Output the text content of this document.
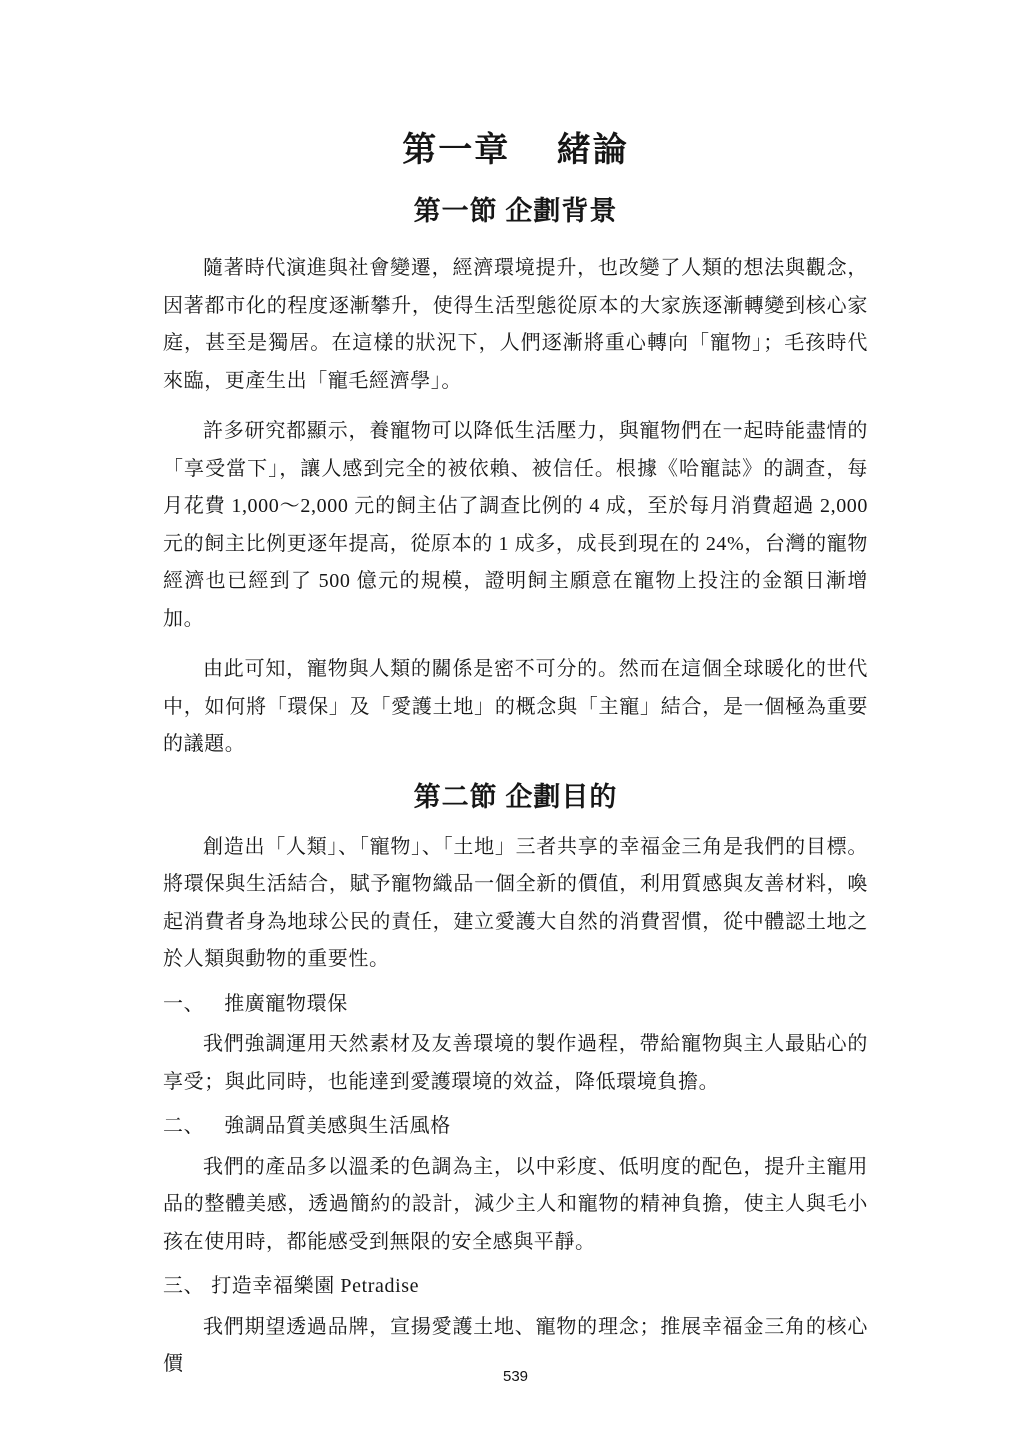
第一章　 緒論
第一節 企劃背景

隨著時代演進與社會變遷，經濟環境提升，也改變了人類的想法與觀念，因著都市化的程度逐漸攀升，使得生活型態從原本的大家族逐漸轉變到核心家庭，甚至是獨居。在這樣的狀況下，人們逐漸將重心轉向「寵物」；毛孩時代來臨，更產生出「寵毛經濟學」。

許多研究都顯示，養寵物可以降低生活壓力，與寵物們在一起時能盡情的「享受當下」，讓人感到完全的被依賴、被信任。根據《哈寵誌》的調查，每月花費 1,000～2,000 元的飼主佔了調查比例的 4 成，至於每月消費超過 2,000 元的飼主比例更逐年提高，從原本的 1 成多，成長到現在的 24%，台灣的寵物經濟也已經到了 500 億元的規模，證明飼主願意在寵物上投注的金額日漸增加。

由此可知，寵物與人類的關係是密不可分的。然而在這個全球暖化的世代中，如何將「環保」及「愛護土地」的概念與「主寵」結合，是一個極為重要的議題。

第二節 企劃目的

創造出「人類」、「寵物」、「土地」三者共享的幸福金三角是我們的目標。將環保與生活結合，賦予寵物織品一個全新的價值，利用質感與友善材料，喚起消費者身為地球公民的責任，建立愛護大自然的消費習慣，從中體認土地之於人類與動物的重要性。

一、 推廣寵物環保

我們強調運用天然素材及友善環境的製作過程，帶給寵物與主人最貼心的享受；與此同時，也能達到愛護環境的效益，降低環境負擔。

二、 強調品質美感與生活風格

我們的產品多以溫柔的色調為主，以中彩度、低明度的配色，提升主寵用品的整體美感，透過簡約的設計，減少主人和寵物的精神負擔，使主人與毛小孩在使用時，都能感受到無限的安全感與平靜。

三、 打造幸福樂園 Petradise

我們期望透過品牌，宣揚愛護土地、寵物的理念；推展幸福金三角的核心價

539
